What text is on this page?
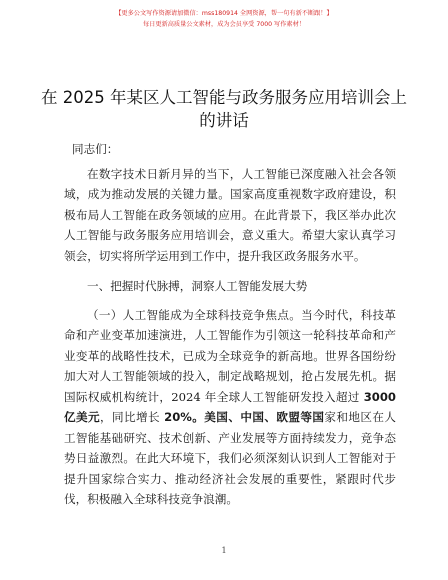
【更多公文写作资源请加微信：mss180914 全网资源，帮一句有新不断跟！】
每日更新高质量公文素材，成为会员享受 7000 写作素材！
在 2025 年某区人工智能与政务服务应用培训会上的讲话

同志们：

在数字技术日新月异的当下，人工智能已深度融入社会各领域，成为推动发展的关键力量。国家高度重视数字政府建设，积极布局人工智能在政务领域的应用。在此背景下，我区举办此次人工智能与政务服务应用培训会，意义重大。希望大家认真学习领会，切实将所学运用到工作中，提升我区政务服务水平。

一、把握时代脉搏，洞察人工智能发展大势

（一）人工智能成为全球科技竞争焦点。当今时代，科技革命和产业变革加速演进，人工智能作为引领这一轮科技革命和产业变革的战略性技术，已成为全球竞争的新高地。世界各国纷纷加大对人工智能领域的投入，制定战略规划，抢占发展先机。据国际权威机构统计，2024 年全球人工智能研发投入超过 3000 亿美元，同比增长 20%。美国、中国、欧盟等国家和地区在人工智能基础研究、技术创新、产业发展等方面持续发力，竞争态势日益激烈。在此大环境下，我们必须深刻认识到人工智能对于提升国家综合实力、推动经济社会发展的重要性，紧跟时代步伐，积极融入全球科技竞争浪潮。

1
